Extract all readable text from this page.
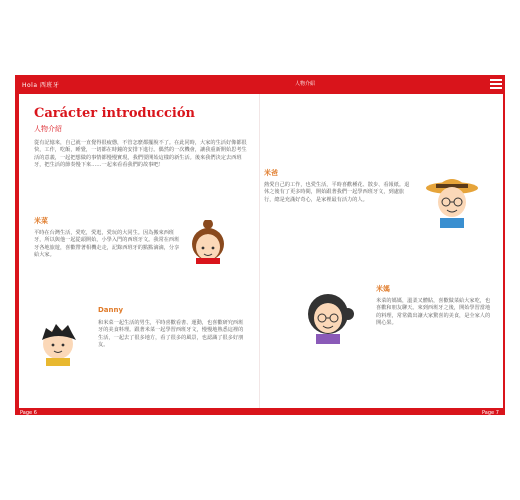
Hola 西班牙	人物介紹
Carácter introducción
人物介紹
從有記憶來，自己就一直覺得很疲憊，不管怎麼都擺脫不了。在此同時，大家的生活好像都很快，工作，吃飯，睡覺，一切都在時鐘的安排下進行。偶然的一次機會，讓我重新開始思考生活的意義，一起把想做的事情都慢慢實現，我們要開始這樣的新生活。後來我們決定去西班牙，把生活的節奏慢下來……一起來看看我們的故事吧！
米菜
平時在台灣生活，愛吃，愛逛，愛玩的大同生。因為搬來西班牙，所以與他一起從頭開始，小學入門的西班牙文。我常在西班牙各地旅遊，喜歡帶著相機走走，記錄西班牙的點點滴滴，分享給大家。
Danny
和米菜一起生活的男生，平時喜歡看書、運動，也喜歡研究西班牙的美食料理。跟著米菜一起學習西班牙文，慢慢地熟悉這裡的生活，一起去了很多地方，看了很多的風景，也認識了很多好朋友。
米爸
熱愛自己的工作，也愛生活，平時喜歡種花、散步、看報紙。退休之後有了更多時間，開始跟著我們一起學西班牙文，到處旅行，總是充滿好奇心，是家裡最有活力的人。
米媽
米菜的媽媽，溫柔又體貼，喜歡做菜給大家吃，也喜歡和朋友聊天。來到西班牙之後，開始學習當地的料理，常常做出讓大家驚喜的美食，是全家人的開心果。
Page 6	Page 7
